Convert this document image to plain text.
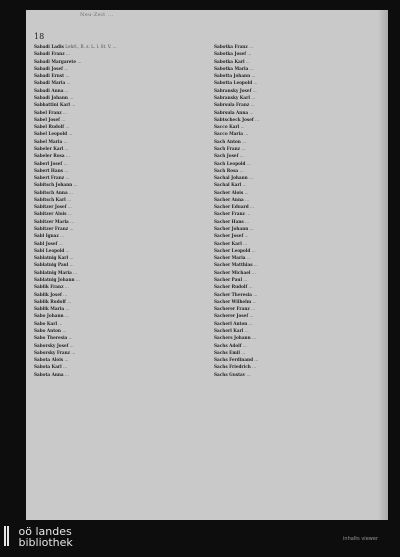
Neu-Zeit ...
18
Sabadi Ladis Lehrl., B. z. L. l. St. V. ...
Sabadi Franz ...
Sabadi Margarete ...
Sabadi Josef ...
Sabadi Ernst ...
Sabadi Maria ...
Sabadi Anna ...
Sabadi Johann ...
Sabbattini Karl ...
Sabel Franz ...
Sabel Josef ...
Sabel Rudolf ...
Sabel Leopold ...
Sabel Maria ...
Sabeler Karl ...
Sabeler Rosa ...
Saberl Josef ...
Sabert Hans ...
Sabert Franz ...
Sabitsch Johann ...
Sabitsch Anna ...
Sabitsch Karl ...
Sabitzer Josef ...
Sabitzer Alois ...
Sabitzer Maria ...
Sabitzer Franz ...
Sabl Ignaz ...
Sabl Josef ...
Sabl Leopold ...
Sablatnig Karl ...
Sablatnig Paul ...
Sablatnig Maria ...
Sablatnig Johann ...
Sablik Franz ...
Sablik Josef ...
Sablik Rudolf ...
Sablik Maria ...
Sabo Johann ...
Sabo Karl ...
Sabo Anton ...
Sabo Theresia ...
Saborsky Josef ...
Saborsky Franz ...
Sabota Alois ...
Sabota Karl ...
Sabota Anna ...
Sabotka Franz ...
Sabotka Josef ...
Sabotka Karl ...
Sabotka Maria ...
Sabotta Johann ...
Sabotta Leopold ...
Sabransky Josef ...
Sabransky Karl ...
Sabrsula Franz ...
Sabrsula Anna ...
Sabtscheck Josef ...
Sacco Karl ...
Sacco Maria ...
Sach Anton ...
Sach Franz ...
Sach Josef ...
Sach Leopold ...
Sach Rosa ...
Sachal Johann ...
Sachal Karl ...
Sacher Alois ...
Sacher Anna ...
Sacher Eduard ...
Sacher Franz ...
Sacher Hans ...
Sacher Johann ...
Sacher Josef ...
Sacher Karl ...
Sacher Leopold ...
Sacher Maria ...
Sacher Matthias ...
Sacher Michael ...
Sacher Paul ...
Sacher Rudolf ...
Sacher Theresia ...
Sacher Wilhelm ...
Sacherer Franz ...
Sacherer Josef ...
Sacherl Anton ...
Sacherl Karl ...
Sachers Johann ...
Sachs Adolf ...
Sachs Emil ...
Sachs Ferdinand ...
Sachs Friedrich ...
Sachs Gustav ...

oö landes
bibliothek	inhalts viewer
